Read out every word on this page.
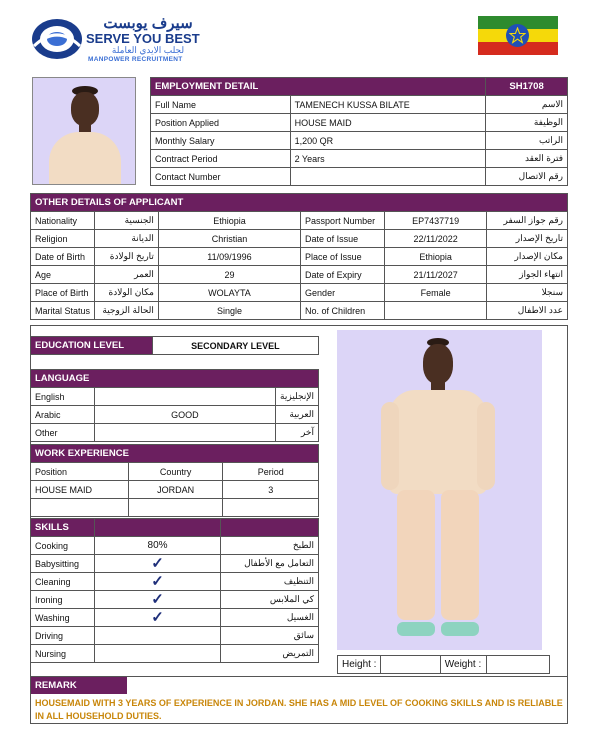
سيرف يوبست
SERVE YOU BEST
لجلب الايدي العاملة
MANPOWER RECRUITMENT
EMPLOYMENT DETAIL		SH1708
Full Name	TAMENECH KUSSA BILATE	الاسم
Position Applied	HOUSE MAID	الوظيفة
Monthly Salary	1,200 QR	الراتب
Contract Period	2 Years	فترة العقد
Contact Number		رقم الاتصال
OTHER DETAILS OF APPLICANT					
Nationality	الجنسية	Ethiopia	Passport Number	EP7437719	رقم جواز السفر
Religion	الديانة	Christian	Date of Issue	22/11/2022	تاريخ الإصدار
Date of Birth	تاريخ الولادة	11/09/1996	Place of Issue	Ethiopia	مكان الإصدار
Age	العمر	29	Date of Expiry	21/11/2027	انتهاء الجواز
Place of Birth	مكان الولادة	WOLAYTA	Gender	Female	سنجلا
Marital Status	الحالة الزوجية	Single	No. of Children		عدد الاطفال
EDUCATION LEVEL	SECONDARY LEVEL
LANGUAGE		
English		الإنجليزية
Arabic	GOOD	العربية
Other		آخر
WORK EXPERIENCE		
Position	Country	Period
HOUSE MAID	JORDAN	3

SKILLS		
Cooking	80%	الطبخ
Babysitting	✓	التعامل مع الأطفال
Cleaning	✓	التنظيف
Ironing	✓	كي الملابس
Washing	✓	الغسيل
Driving		سائق
Nursing		التمريض
Height :		Weight :	
REMARK
HOUSEMAID WITH 3 YEARS OF EXPERIENCE IN JORDAN. SHE HAS A MID LEVEL OF COOKING SKILLS AND IS RELIABLE IN ALL HOUSEHOLD DUTIES.
